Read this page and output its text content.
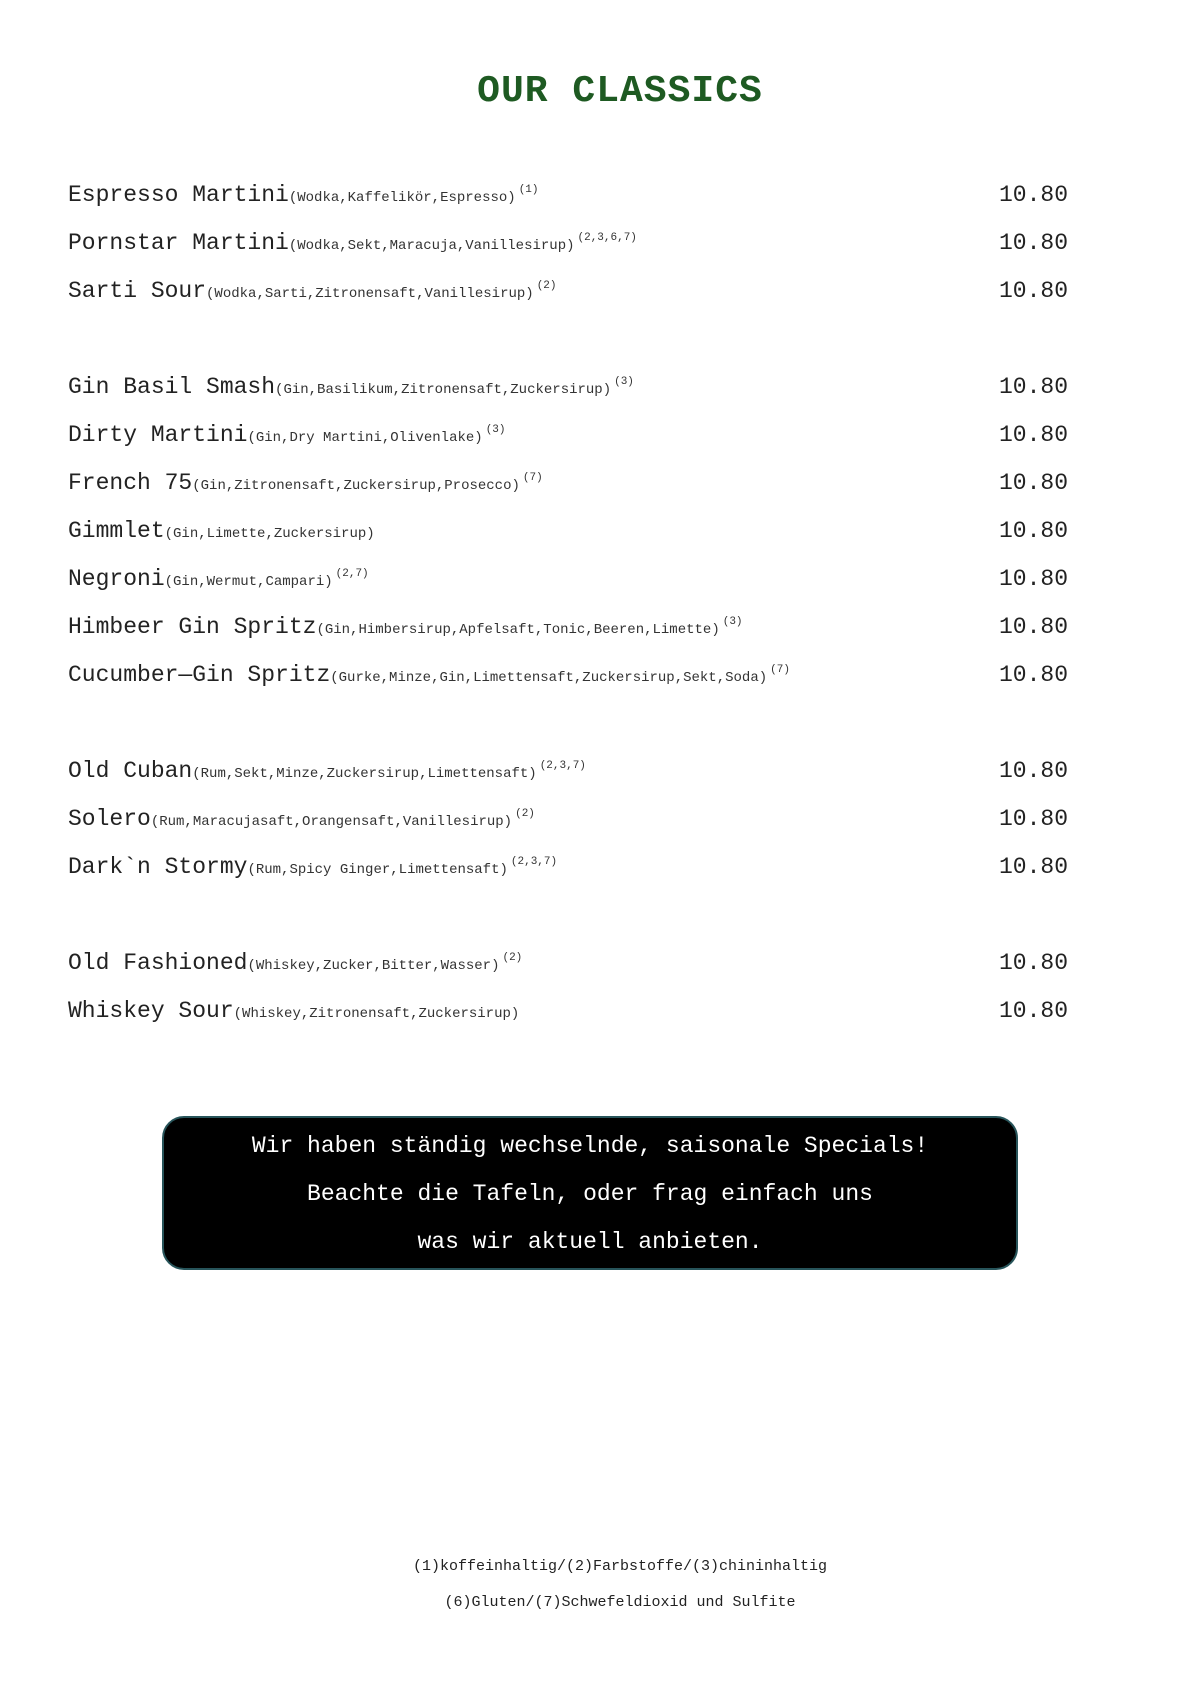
OUR CLASSICS
Espresso Martini(Wodka,Kaffelikör,Espresso) $^{(1)}$	10.80
Pornstar Martini(Wodka,Sekt,Maracuja,Vanillesirup) $^{(2,3,6,7)}$	10.80
Sarti Sour(Wodka,Sarti,Zitronensaft,Vanillesirup) $^{(2)}$	10.80
Gin Basil Smash(Gin,Basilikum,Zitronensaft,Zuckersirup) $^{(3)}$	10.80
Dirty Martini(Gin,Dry Martini,Olivenlake) $^{(3)}$	10.80
French 75(Gin,Zitronensaft,Zuckersirup,Prosecco) $^{(7)}$	10.80
Gimmlet(Gin,Limette,Zuckersirup)	10.80
Negroni(Gin,Wermut,Campari) $^{(2,7)}$	10.80
Himbeer Gin Spritz(Gin,Himbersirup,Apfelsaft,Tonic,Beeren,Limette) $^{(3)}$	10.80
Cucumber—Gin Spritz(Gurke,Minze,Gin,Limettensaft,Zuckersirup,Sekt,Soda) $^{(7)}$	10.80
Old Cuban(Rum,Sekt,Minze,Zuckersirup,Limettensaft) $^{(2,3,7)}$	10.80
Solero(Rum,Maracujasaft,Orangensaft,Vanillesirup) $^{(2)}$	10.80
Dark`n Stormy(Rum,Spicy Ginger,Limettensaft) $^{(2,3,7)}$	10.80
Old Fashioned(Whiskey,Zucker,Bitter,Wasser) $^{(2)}$	10.80
Whiskey Sour(Whiskey,Zitronensaft,Zuckersirup)	10.80
Wir haben ständig wechselnde, saisonale Specials!
Beachte die Tafeln, oder frag einfach uns
was wir aktuell anbieten.
(1)koffeinhaltig/(2)Farbstoffe/(3)chininhaltig
(6)Gluten/(7)Schwefeldioxid und Sulfite
